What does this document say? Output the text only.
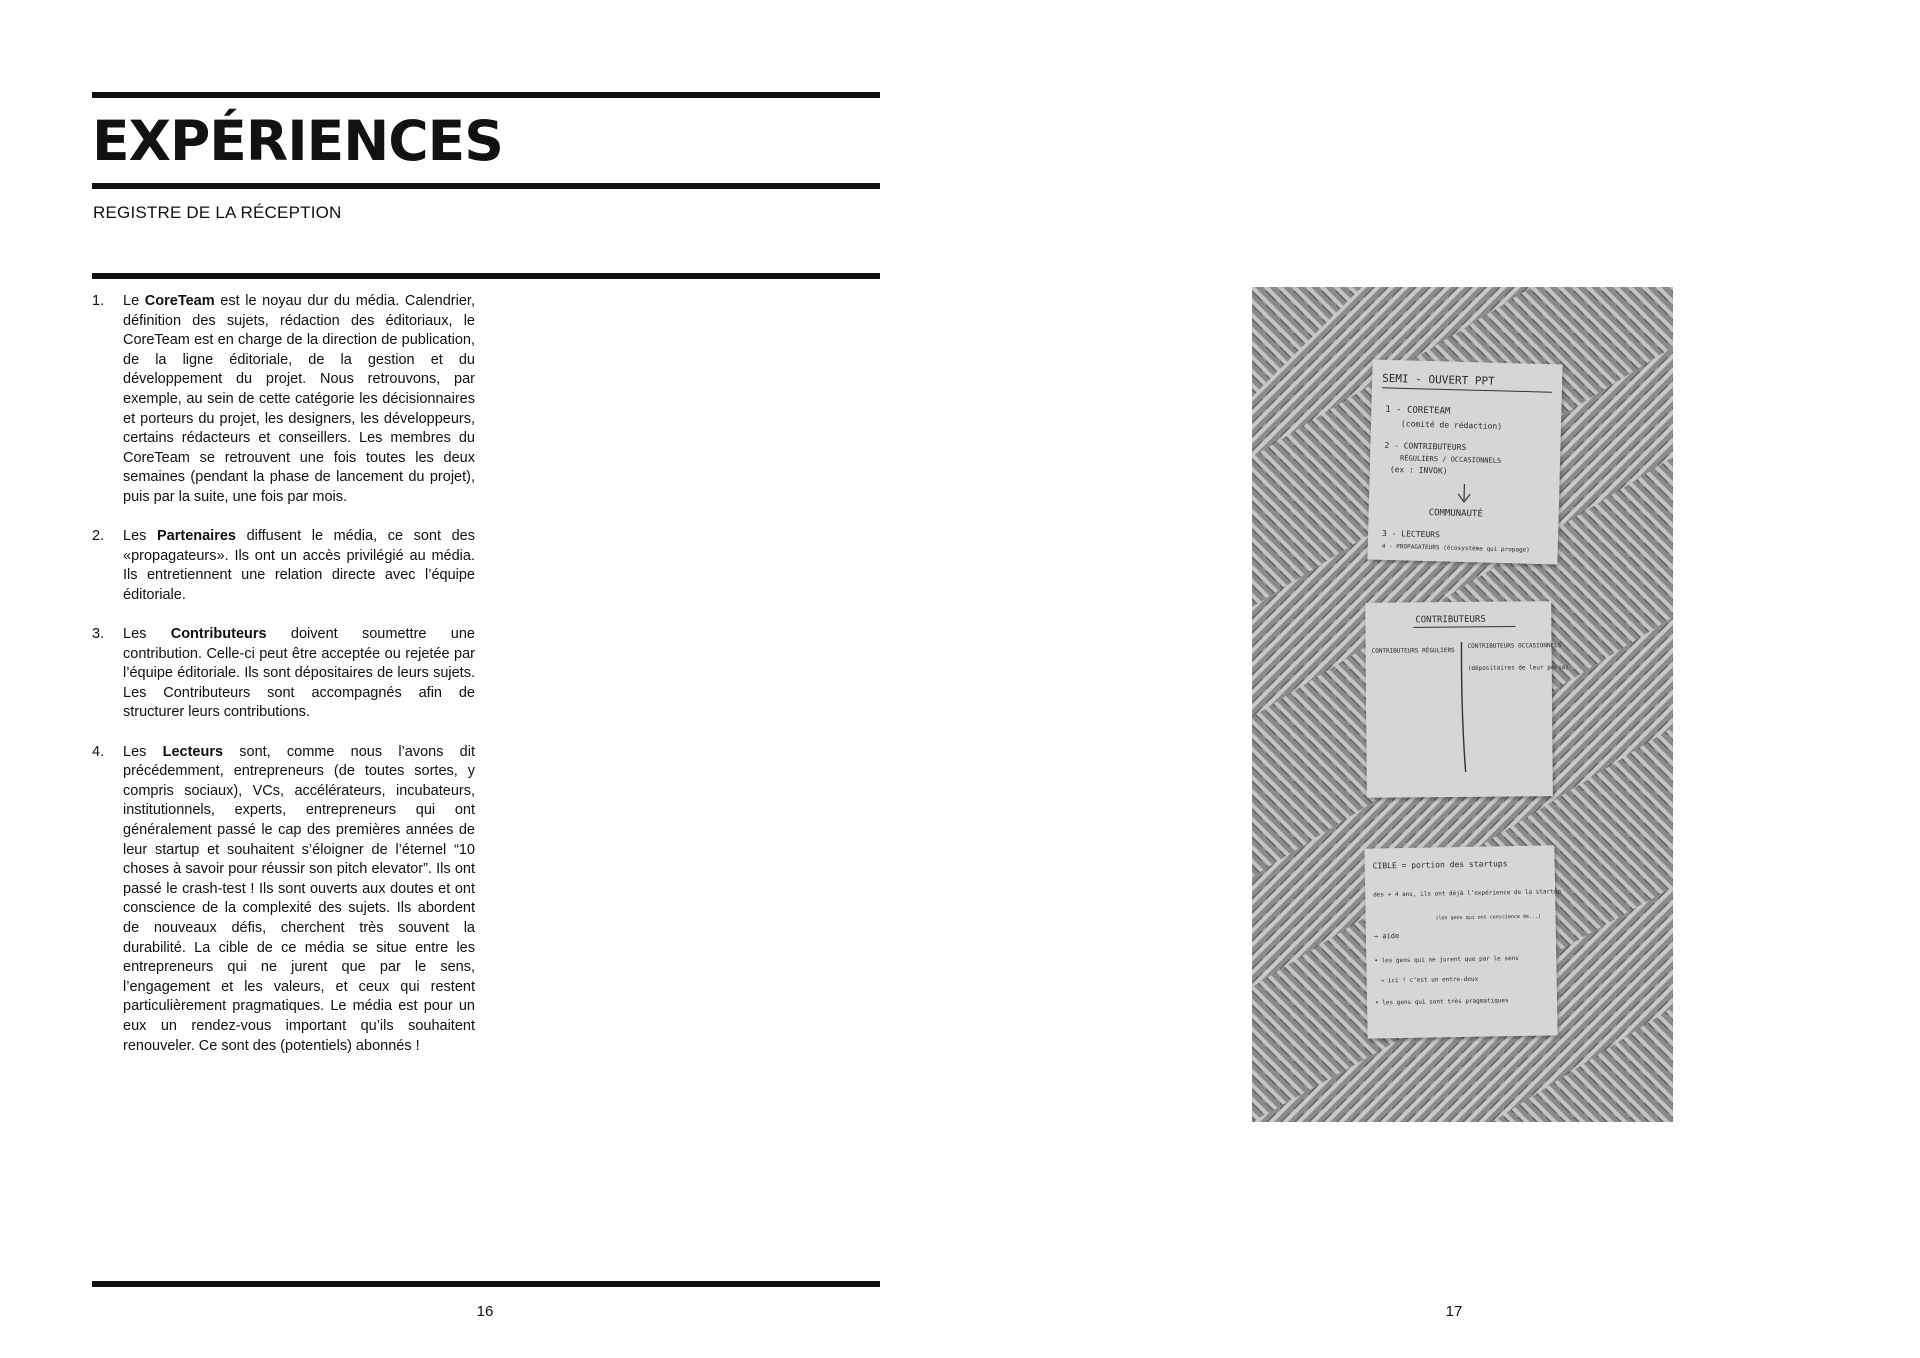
EXPÉRIENCES
REGISTRE DE LA RÉCEPTION
1. Le CoreTeam est le noyau dur du média. Calendrier, définition des sujets, rédaction des éditoriaux, le CoreTeam est en charge de la direction de publication, de la ligne éditoriale, de la gestion et du développement du projet. Nous retrouvons, par exemple, au sein de cette catégorie les décisionnaires et porteurs du projet, les designers, les développeurs, certains rédacteurs et conseillers. Les membres du CoreTeam se retrouvent une fois toutes les deux semaines (pendant la phase de lancement du projet), puis par la suite, une fois par mois.
2. Les Partenaires diffusent le média, ce sont des «propagateurs». Ils ont un accès privilégié au média. Ils entretiennent une relation directe avec l’équipe éditoriale.
3. Les Contributeurs doivent soumettre une contribution. Celle-ci peut être acceptée ou rejetée par l’équipe éditoriale. Ils sont dépositaires de leurs sujets. Les Contributeurs sont accompagnés afin de structurer leurs contributions.
4. Les Lecteurs sont, comme nous l’avons dit précédemment, entrepreneurs (de toutes sortes, y compris sociaux), VCs, accélérateurs, incubateurs, institutionnels, experts, entrepreneurs qui ont généralement passé le cap des premières années de leur startup et souhaitent s’éloigner de l’éternel “10 choses à savoir pour réussir son pitch elevator”. Ils ont passé le crash-test ! Ils sont ouverts aux doutes et ont conscience de la complexité des sujets. Ils abordent de nouveaux défis, cherchent très souvent la durabilité. La cible de ce média se situe entre les entrepreneurs qui ne jurent que par le sens, l’engagement et les valeurs, et ceux qui restent particulièrement pragmatiques. Le média est pour un eux un rendez-vous important qu’ils souhaitent renouveler. Ce sont des (potentiels) abonnés !
16
SEMI - OUVERT PPT
1 - CORETEAM
(comité de rédaction)
2 - CONTRIBUTEURS
RÉGULIERS / OCCASIONNELS
(ex : INVOK)
COMMUNAUTÉ
3 - LECTEURS
4 - PROPAGATEURS (écosystème qui propage)
CONTRIBUTEURS
CONTRIBUTEURS RÉGULIERS
CONTRIBUTEURS OCCASIONNELS
(dépositaires de leur perso)
CIBLE = portion des startups
des + 4 ans, ils ont déjà l’expérience de la startup
(les gens qui ont conscience de...)
→ aide
• les gens qui ne jurent que par le sens
→ ici ! c’est un entre-deux
• les gens qui sont très pragmatiques
17
